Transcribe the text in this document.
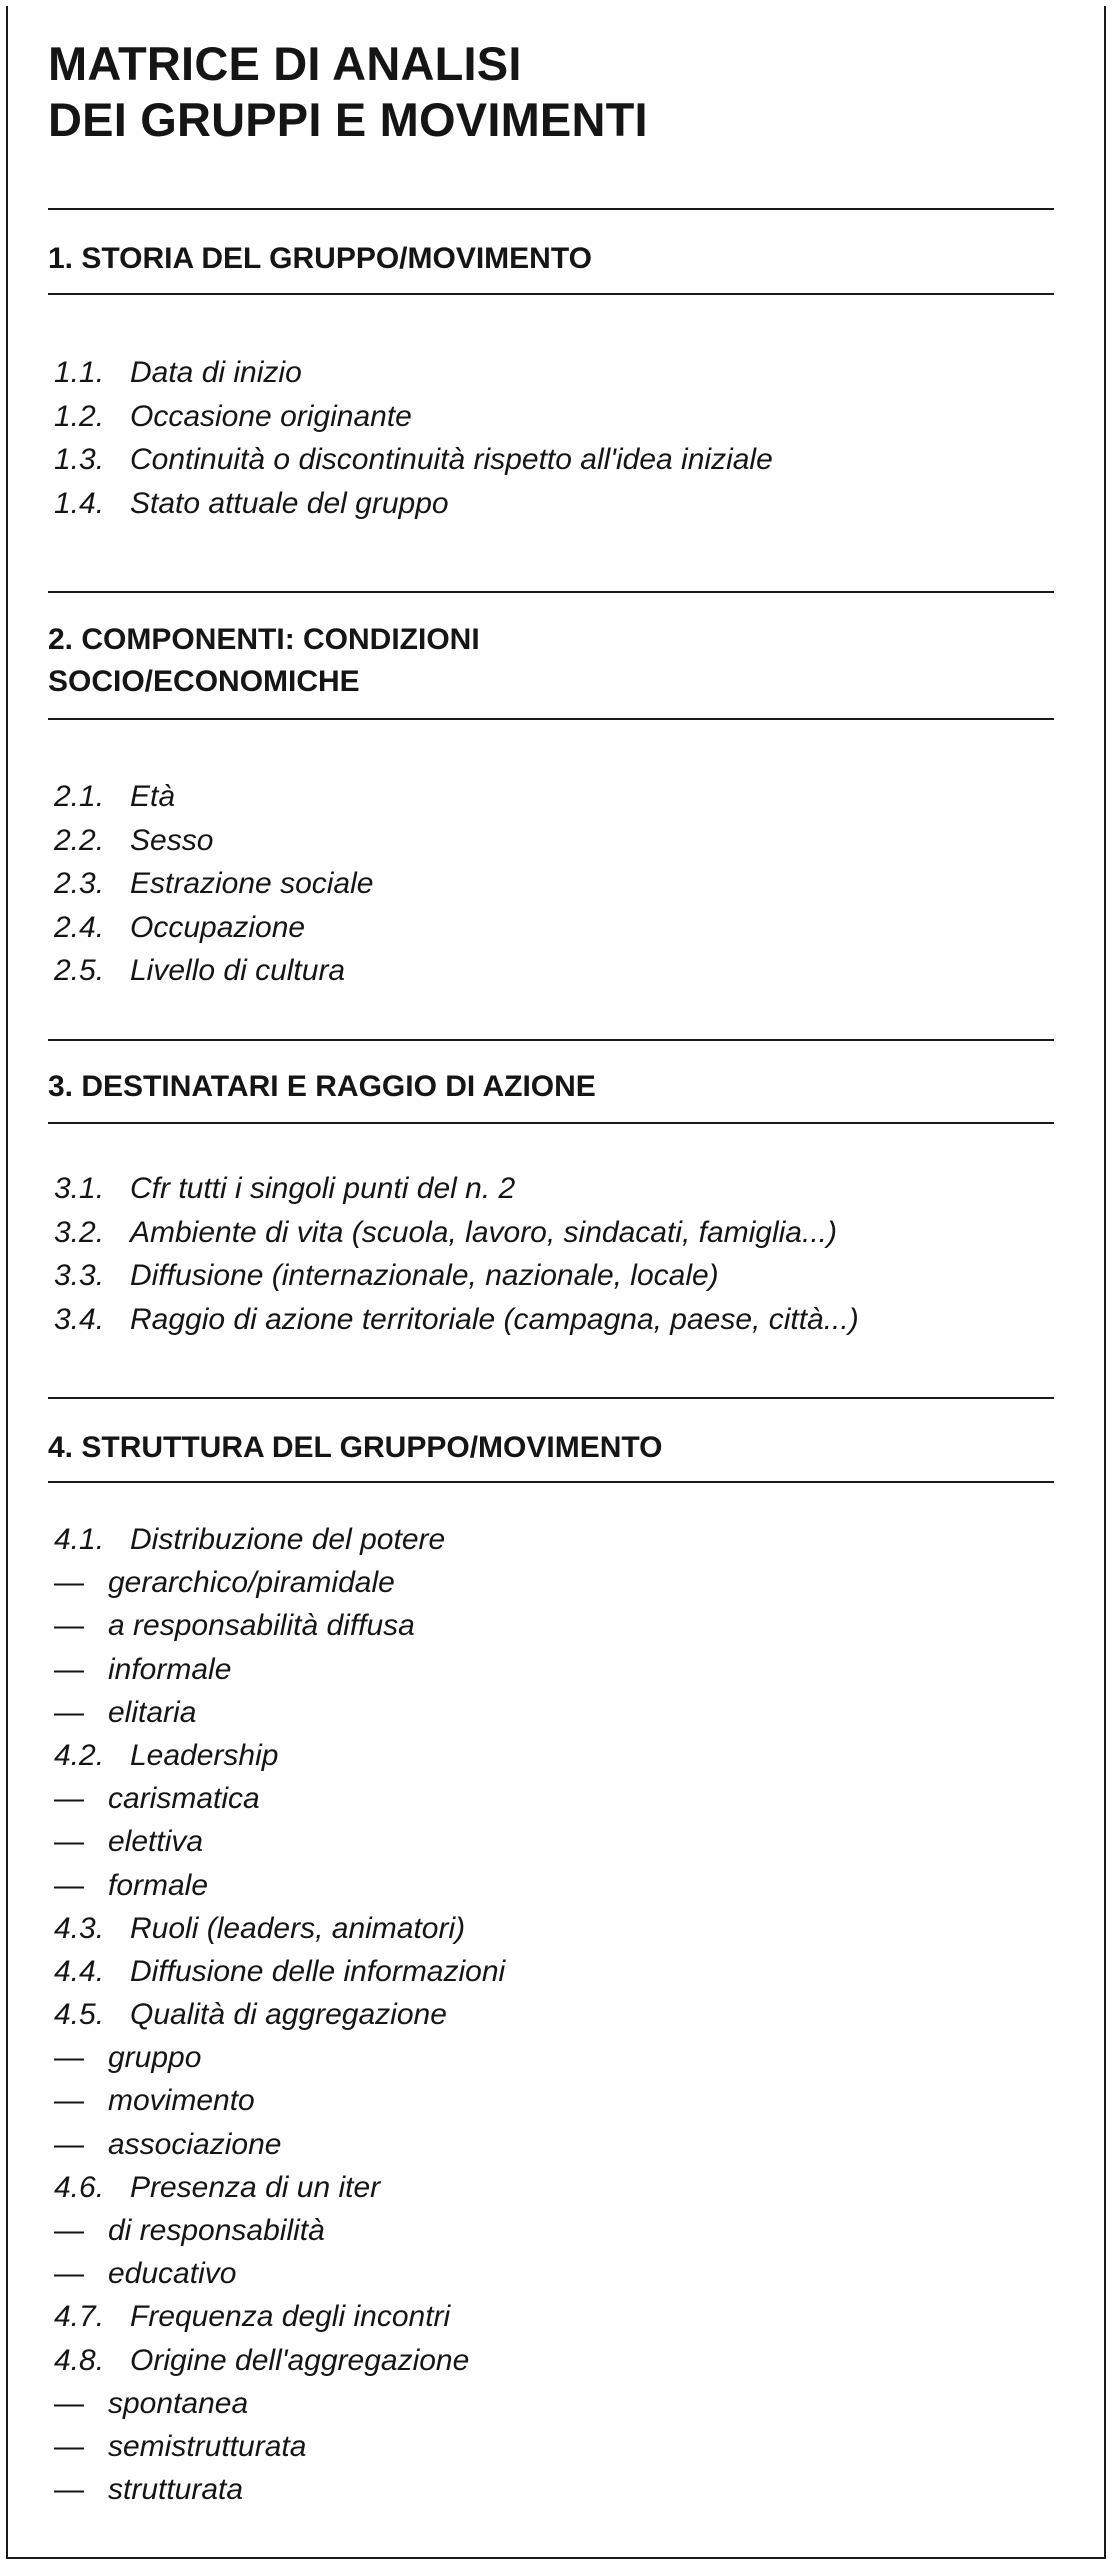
MATRICE DI ANALISI
DEI GRUPPI E MOVIMENTI
1. STORIA DEL GRUPPO/MOVIMENTO
1.1. Data di inizio
1.2. Occasione originante
1.3. Continuità o discontinuità rispetto all'idea iniziale
1.4. Stato attuale del gruppo
2. COMPONENTI: CONDIZIONI
SOCIO/ECONOMICHE
2.1. Età
2.2. Sesso
2.3. Estrazione sociale
2.4. Occupazione
2.5. Livello di cultura
3. DESTINATARI E RAGGIO DI AZIONE
3.1. Cfr tutti i singoli punti del n. 2
3.2. Ambiente di vita (scuola, lavoro, sindacati, famiglia...)
3.3. Diffusione (internazionale, nazionale, locale)
3.4. Raggio di azione territoriale (campagna, paese, città...)
4. STRUTTURA DEL GRUPPO/MOVIMENTO
4.1. Distribuzione del potere
— gerarchico/piramidale
— a responsabilità diffusa
— informale
— elitaria
4.2. Leadership
— carismatica
— elettiva
— formale
4.3. Ruoli (leaders, animatori)
4.4. Diffusione delle informazioni
4.5. Qualità di aggregazione
— gruppo
— movimento
— associazione
4.6. Presenza di un iter
— di responsabilità
— educativo
4.7. Frequenza degli incontri
4.8. Origine dell'aggregazione
— spontanea
— semistrutturata
— strutturata
